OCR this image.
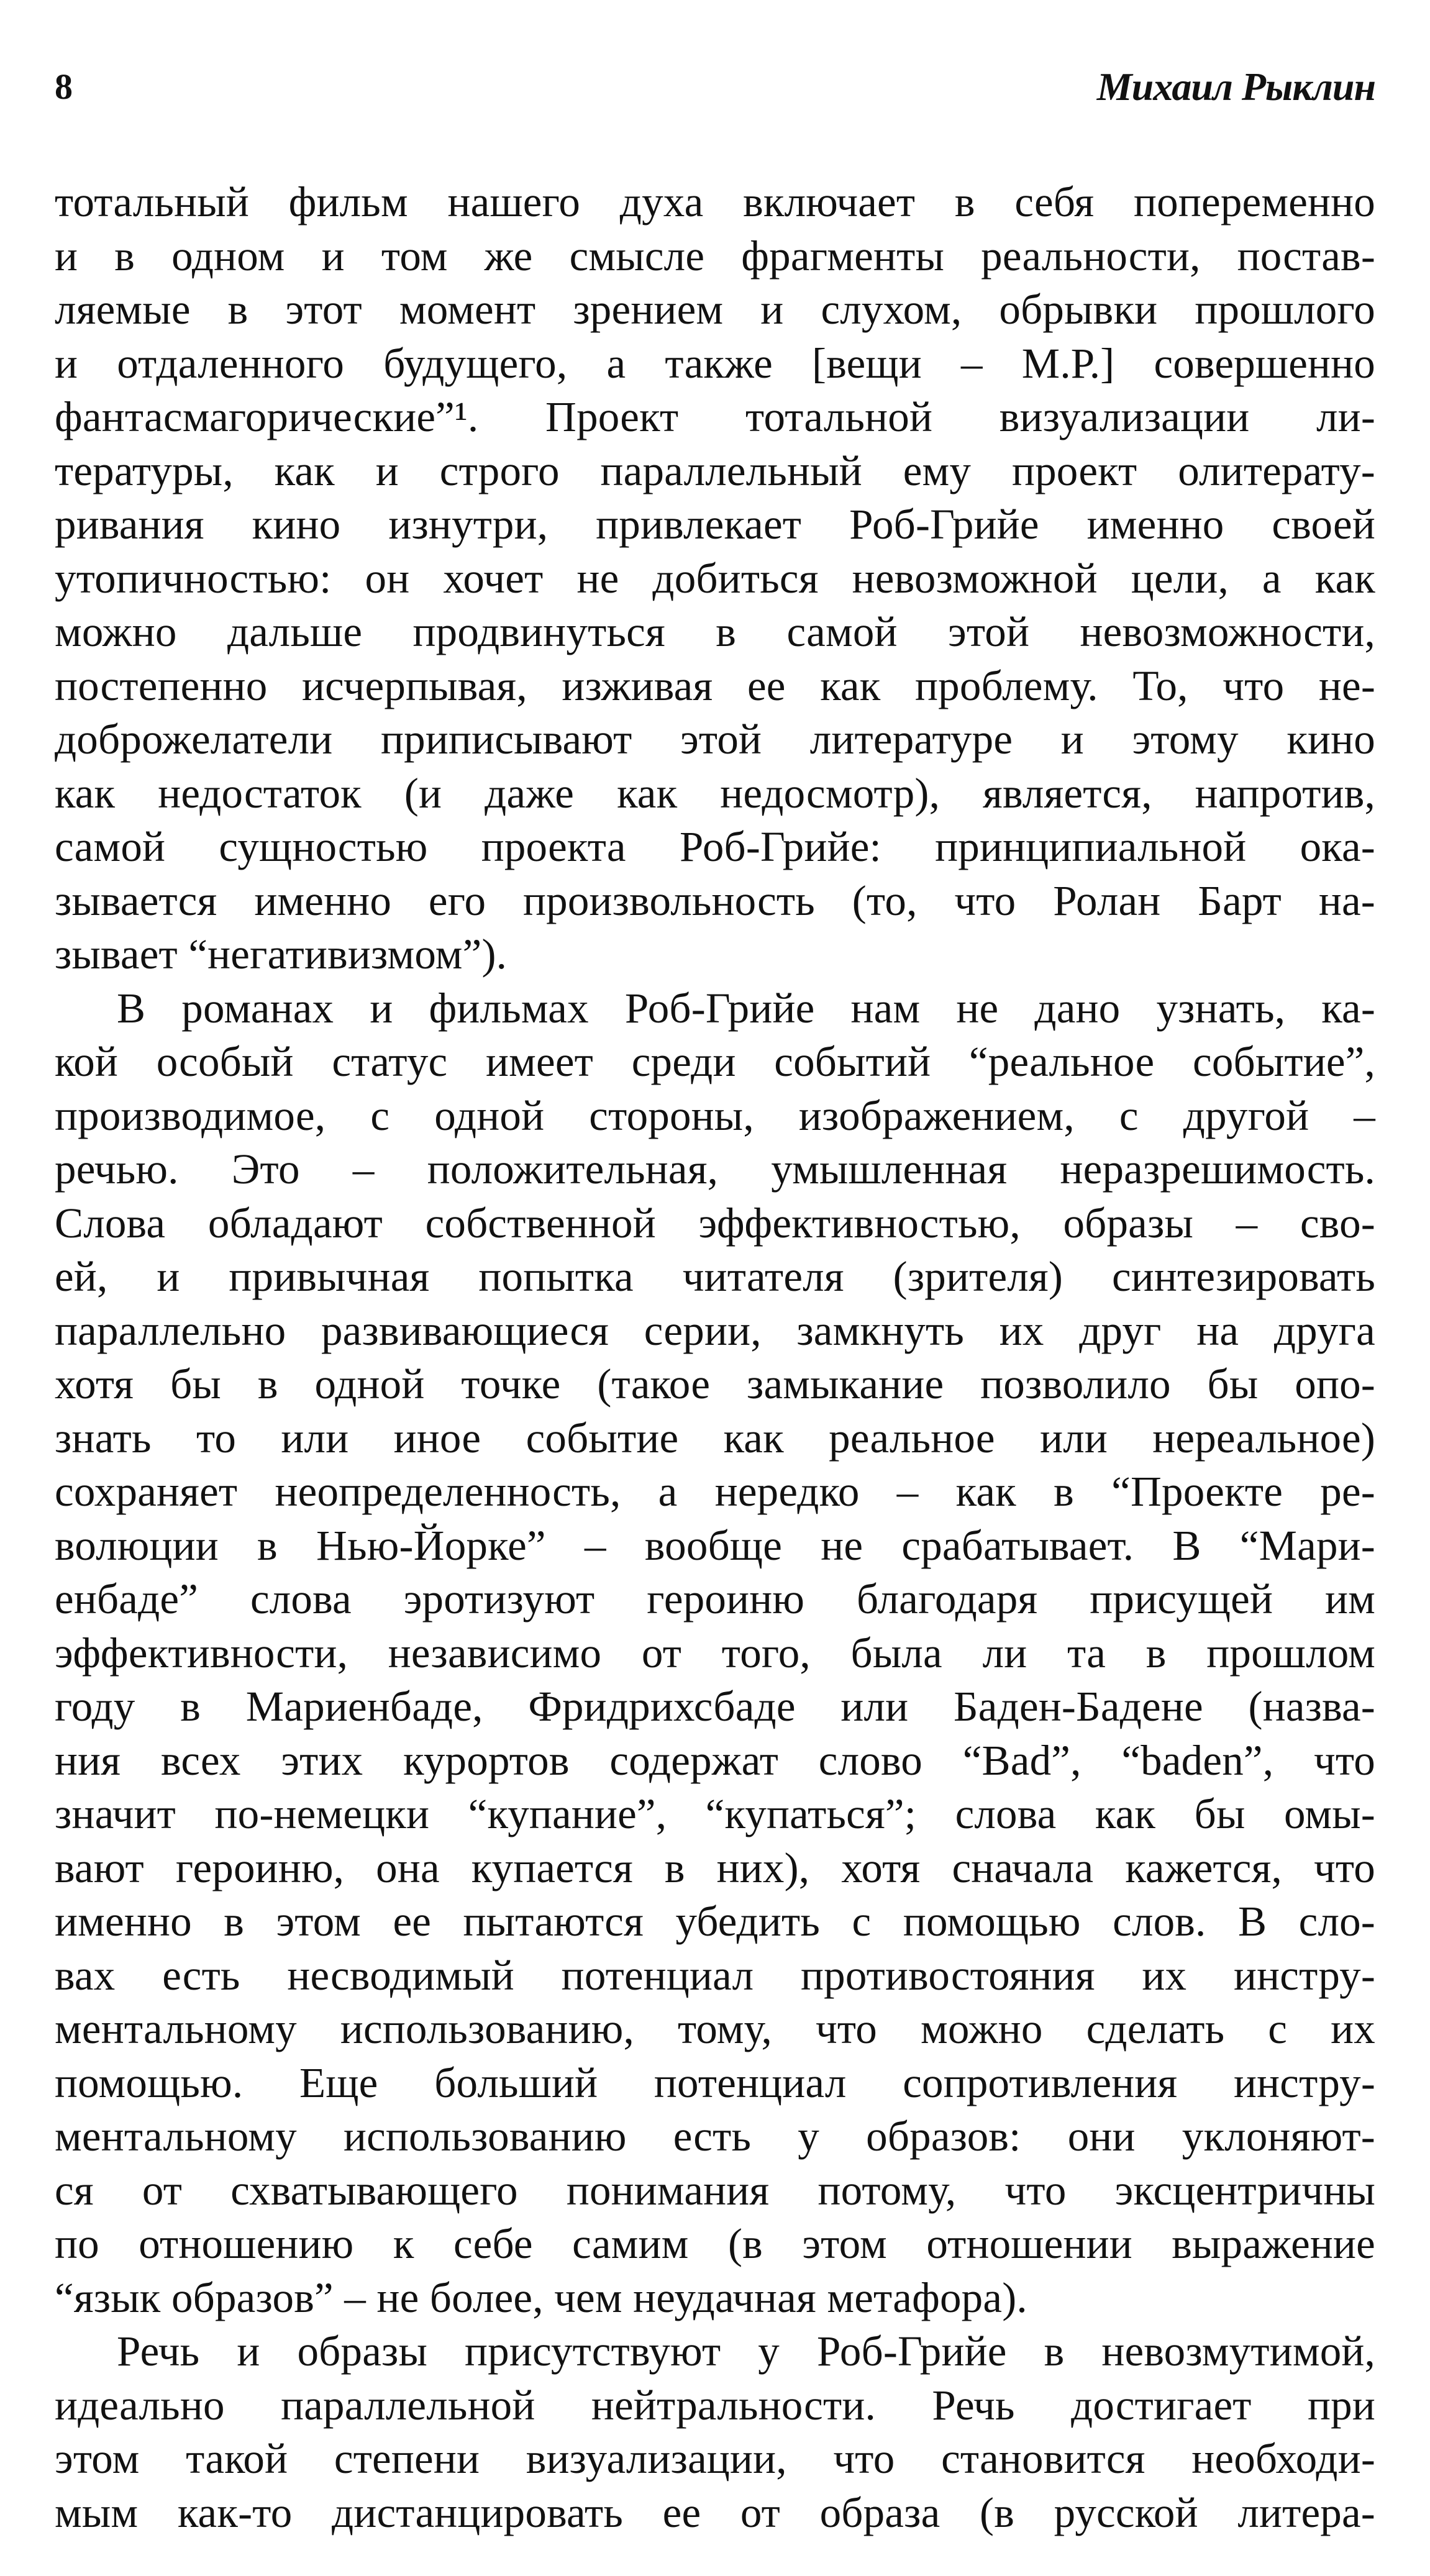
8	Михаил Рыклин
тотальный фильм нашего духа включает в себя попеременно
и в одном и том же смысле фрагменты реальности, постав-
ляемые в этот момент зрением и слухом, обрывки прошлого
и отдаленного будущего, а также [вещи – М.Р.] совершенно
фантасмагорические”¹. Проект тотальной визуализации ли-
тературы, как и строго параллельный ему проект олитерату-
ривания кино изнутри, привлекает Роб-Грийе именно своей
утопичностью: он хочет не добиться невозможной цели, а как
можно дальше продвинуться в самой этой невозможности,
постепенно исчерпывая, изживая ее как проблему. То, что не-
доброжелатели приписывают этой литературе и этому кино
как недостаток (и даже как недосмотр), является, напротив,
самой сущностью проекта Роб-Грийе: принципиальной ока-
зывается именно его произвольность (то, что Ролан Барт на-
зывает “негативизмом”).
В романах и фильмах Роб-Грийе нам не дано узнать, ка-
кой особый статус имеет среди событий “реальное событие”,
производимое, с одной стороны, изображением, с другой –
речью. Это – положительная, умышленная неразрешимость.
Слова обладают собственной эффективностью, образы – сво-
ей, и привычная попытка читателя (зрителя) синтезировать
параллельно развивающиеся серии, замкнуть их друг на друга
хотя бы в одной точке (такое замыкание позволило бы опо-
знать то или иное событие как реальное или нереальное)
сохраняет неопределенность, а нередко – как в “Проекте ре-
волюции в Нью-Йорке” – вообще не срабатывает. В “Мари-
енбаде” слова эротизуют героиню благодаря присущей им
эффективности, независимо от того, была ли та в прошлом
году в Мариенбаде, Фридрихсбаде или Баден-Бадене (назва-
ния всех этих курортов содержат слово “Bad”, “baden”, что
значит по-немецки “купание”, “купаться”; слова как бы омы-
вают героиню, она купается в них), хотя сначала кажется, что
именно в этом ее пытаются убедить с помощью слов. В сло-
вах есть несводимый потенциал противостояния их инстру-
ментальному использованию, тому, что можно сделать с их
помощью. Еще больший потенциал сопротивления инстру-
ментальному использованию есть у образов: они уклоняют-
ся от схватывающего понимания потому, что эксцентричны
по отношению к себе самим (в этом отношении выражение
“язык образов” – не более, чем неудачная метафора).
Речь и образы присутствуют у Роб-Грийе в невозмутимой,
идеально параллельной нейтральности. Речь достигает при
этом такой степени визуализации, что становится необходи-
мым как-то дистанцировать ее от образа (в русской литера-
